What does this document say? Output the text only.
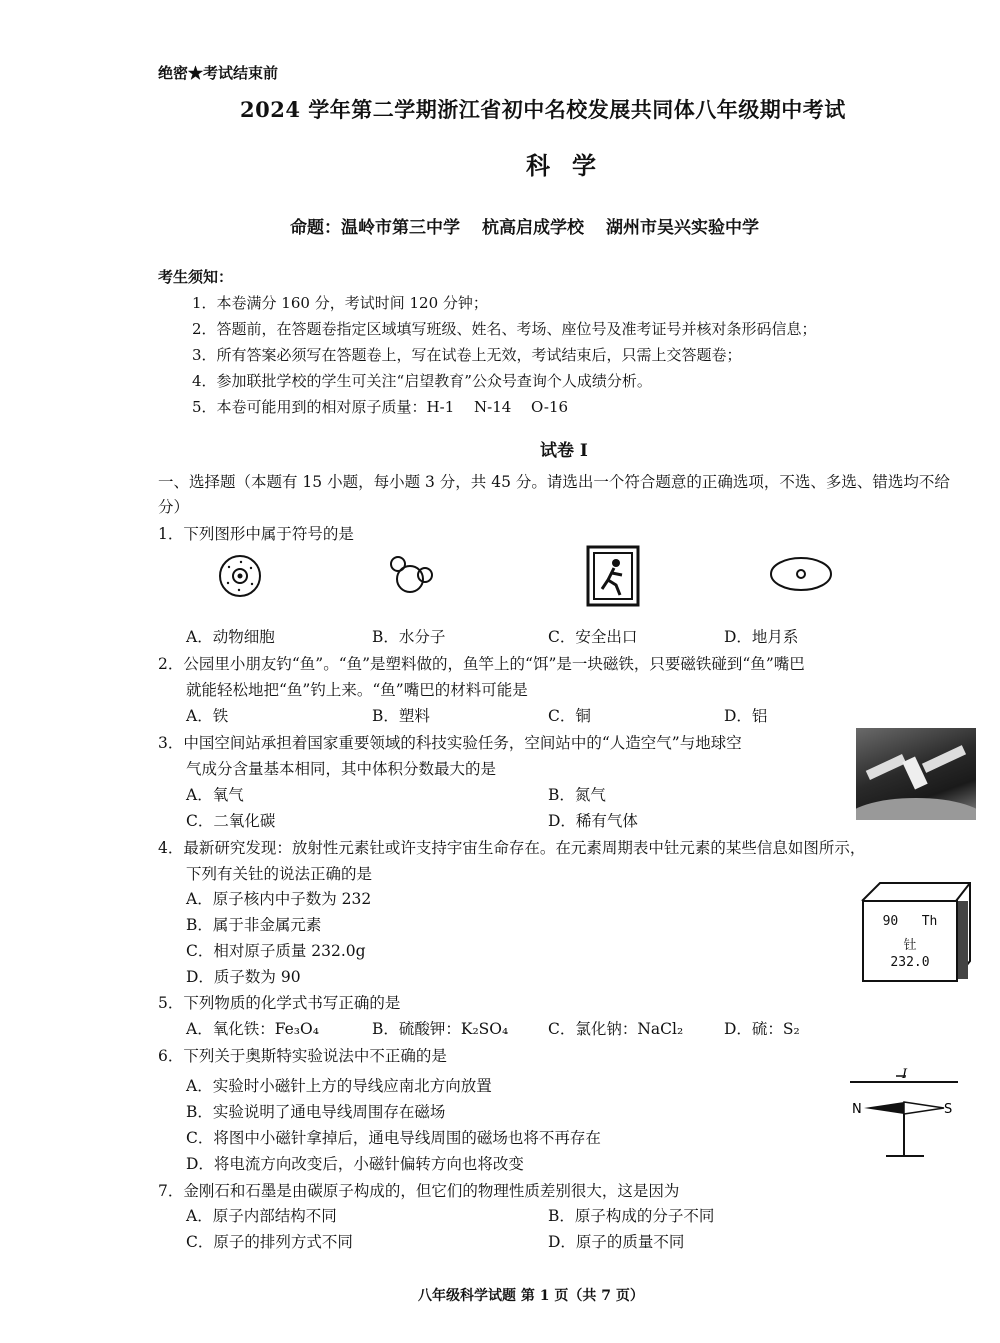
绝密★考试结束前
2024 学年第二学期浙江省初中名校发展共同体八年级期中考试
科学
命题：温岭市第三中学 杭高启成学校 湖州市吴兴实验中学
考生须知：
1．本卷满分 160 分，考试时间 120 分钟；
2．答题前，在答题卷指定区域填写班级、姓名、考场、座位号及准考证号并核对条形码信息；
3．所有答案必须写在答题卷上，写在试卷上无效，考试结束后，只需上交答题卷；
4．参加联批学校的学生可关注“启望教育”公众号查询个人成绩分析。
5．本卷可能用到的相对原子质量：H-1　 N-14　 O-16
试卷 I
一、选择题（本题有 15 小题，每小题 3 分，共 45 分。请选出一个符合题意的正确选项，不选、多选、错选均不给分）
1．下列图形中属于符号的是
A．动物细胞	B．水分子	C．安全出口	D．地月系
2．公园里小朋友钓“鱼”。“鱼”是塑料做的，鱼竿上的“饵”是一块磁铁，只要磁铁碰到“鱼”嘴巴
就能轻松地把“鱼”钓上来。“鱼”嘴巴的材料可能是
A．铁	B．塑料	C．铜	D．铝
3．中国空间站承担着国家重要领域的科技实验任务，空间站中的“人造空气”与地球空
气成分含量基本相同，其中体积分数最大的是
A．氧气	B．氮气
C．二氧化碳	D．稀有气体
4．最新研究发现：放射性元素钍或许支持宇宙生命存在。在元素周期表中钍元素的某些信息如图所示，
下列有关钍的说法正确的是
A．原子核内中子数为 232
B．属于非金属元素
C．相对原子质量 232.0g
D．质子数为 90
90 Th
钍
232.0
5．下列物质的化学式书写正确的是
A．氧化铁：Fe₃O₄	B．硫酸钾：K₂SO₄	C．氯化钠：NaCl₂	D．硫：S₂
6．下列关于奥斯特实验说法中不正确的是
A．实验时小磁针上方的导线应南北方向放置
B．实验说明了通电导线周围存在磁场
C．将图中小磁针拿掉后，通电导线周围的磁场也将不再存在
D．将电流方向改变后，小磁针偏转方向也将改变
I
N	S
7．金刚石和石墨是由碳原子构成的，但它们的物理性质差别很大，这是因为
A．原子内部结构不同	B．原子构成的分子不同
C．原子的排列方式不同	D．原子的质量不同
八年级科学试题 第 1 页（共 7 页）
